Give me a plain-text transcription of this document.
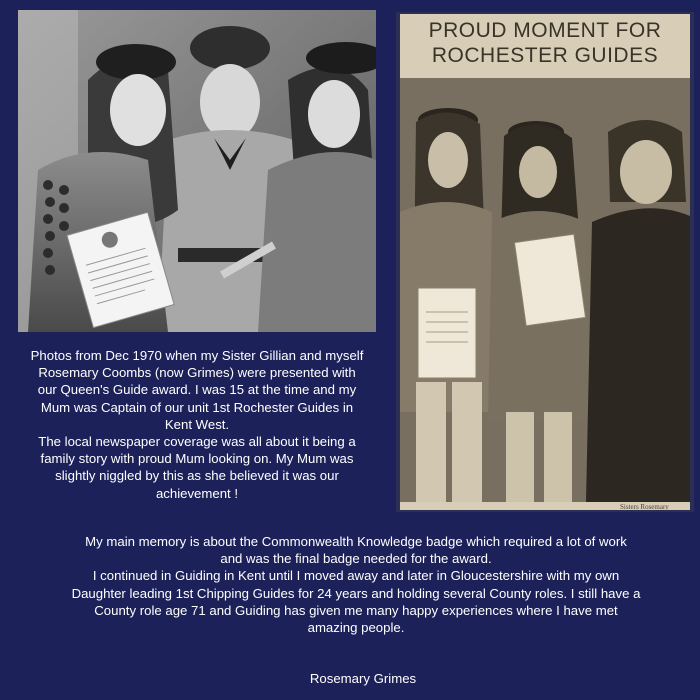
PROUD MOMENT FOR
ROCHESTER GUIDES
Sisters Rosemary

Photos from Dec 1970 when my Sister Gillian and myself

Rosemary Coombs (now Grimes) were presented with

our Queen's Guide award. I was 15 at the time and my

Mum was Captain of our unit 1st Rochester Guides in

Kent West.

The local newspaper coverage was all about it being a

family story with proud Mum looking on. My Mum was

slightly niggled by this as she believed it was our

achievement !

My main memory is about the Commonwealth Knowledge badge which required a lot of work

and was the final badge needed for the award.

I continued in Guiding in Kent until I moved away and later in Gloucestershire with my own

Daughter leading 1st Chipping Guides for 24 years and holding several County roles. I still have a

County role age 71 and Guiding has given me many happy experiences where I have met

amazing people.

Rosemary Grimes
